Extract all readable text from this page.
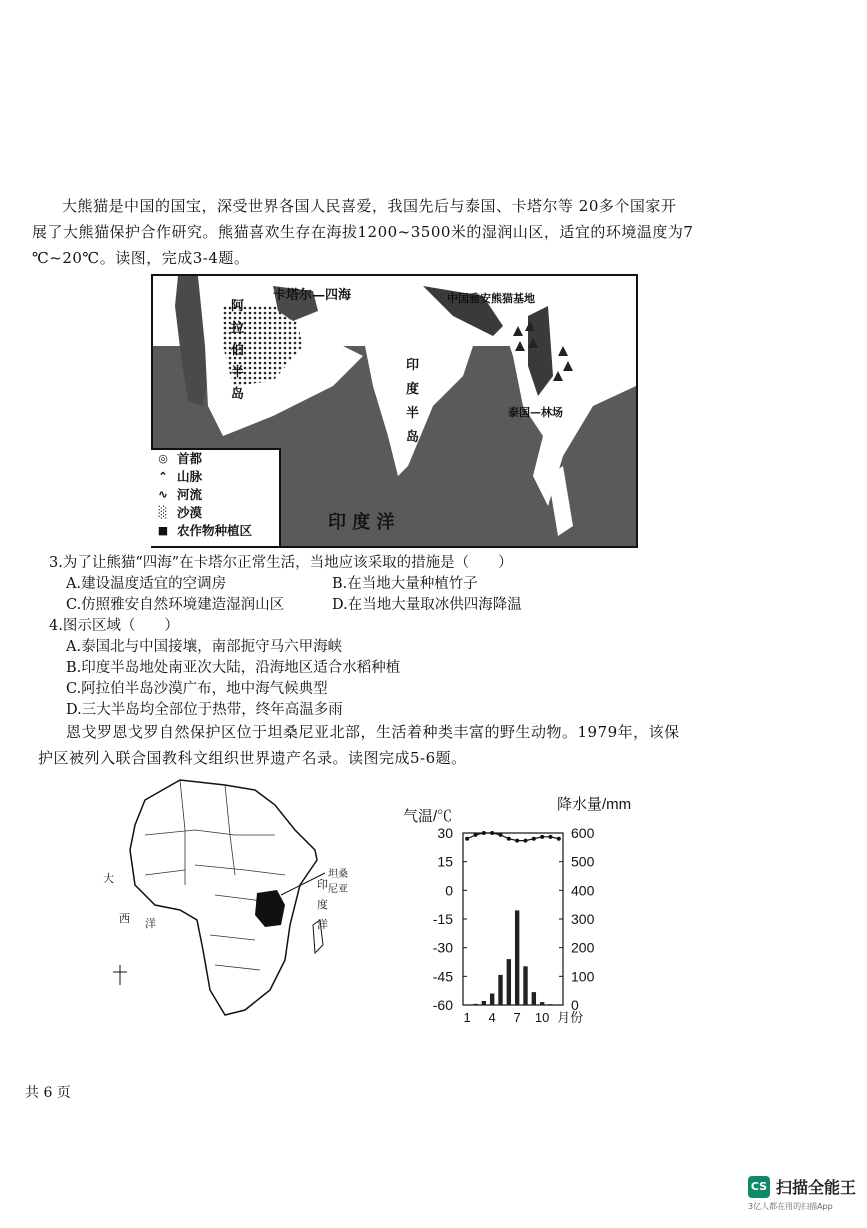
大熊猫是中国的国宝，深受世界各国人民喜爱，我国先后与泰国、卡塔尔等 20多个国家开
展了大熊猫保护合作研究。熊猫喜欢生存在海拔1200~3500米的湿润山区，适宜的环境温度为7
℃~20℃。读图，完成3-4题。
卡塔尔—四海	中国雅安熊猫基地
阿
拉
伯
半
岛
印
度
半
岛
泰国—林场
印 度 洋
◎ 首都
⌃ 山脉
∿ 河流
░ 沙漠
■ 农作物种植区
3.为了让熊猫“四海”在卡塔尔正常生活，当地应该采取的措施是（　　）
A.建设温度适宜的空调房	B.在当地大量种植竹子
C.仿照雅安自然环境建造湿润山区	D.在当地大量取冰供四海降温
4.图示区域（　　）
A.泰国北与中国接壤，南部扼守马六甲海峡
B.印度半岛地处南亚次大陆，沿海地区适合水稻种植
C.阿拉伯半岛沙漠广布，地中海气候典型
D.三大半岛均全部位于热带，终年高温多雨
恩戈罗恩戈罗自然保护区位于坦桑尼亚北部，生活着种类丰富的野生动物。1979年，该保
护区被列入联合国教科文组织世界遗产名录。读图完成5-6题。
坦桑尼亚
大
西 洋
印
度
洋
气温/℃
降水量/mm
30
15
0
-15
-30
-45
-60
600
500
400
300
200
100
0
1 4 7 10 月份
共 6 页
CS 扫描全能王
3亿人都在用的扫描App
